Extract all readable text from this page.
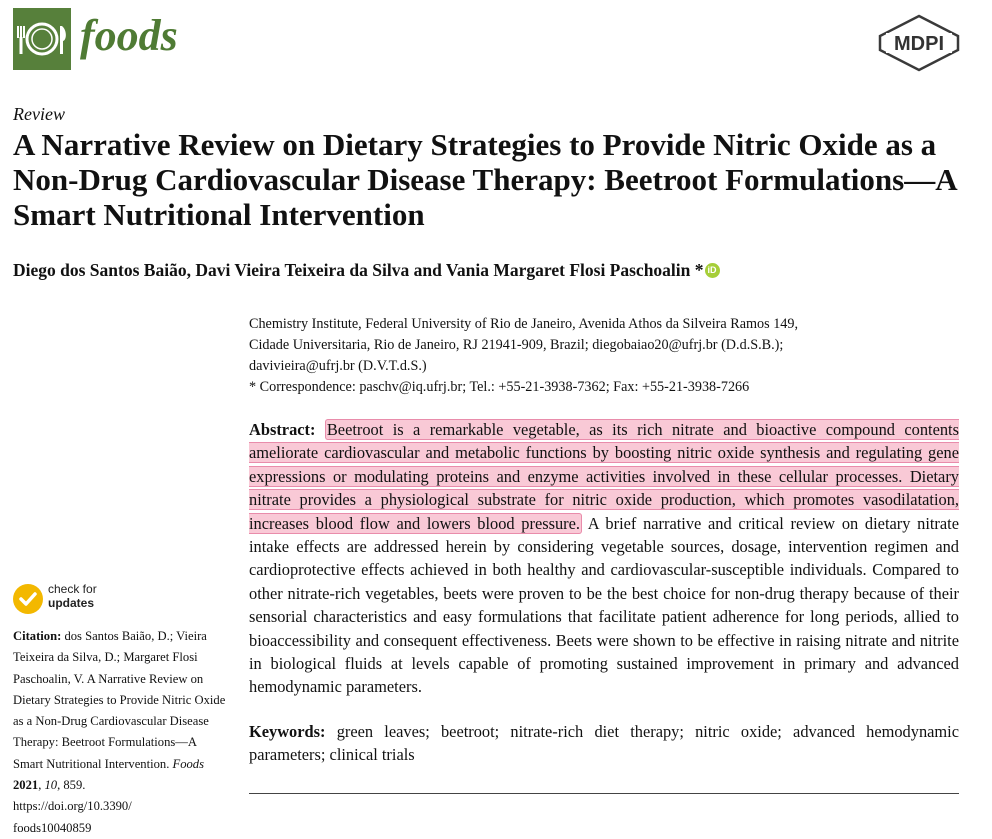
foods	MDPI
Review
A Narrative Review on Dietary Strategies to Provide Nitric Oxide as a Non-Drug Cardiovascular Disease Therapy: Beetroot Formulations—A Smart Nutritional Intervention
Diego dos Santos Baião, Davi Vieira Teixeira da Silva and Vania Margaret Flosi Paschoalin * iD
Chemistry Institute, Federal University of Rio de Janeiro, Avenida Athos da Silveira Ramos 149,
Cidade Universitaria, Rio de Janeiro, RJ 21941-909, Brazil; diegobaiao20@ufrj.br (D.d.S.B.);
davivieira@ufrj.br (D.V.T.d.S.)
* Correspondence: paschv@iq.ufrj.br; Tel.: +55-21-3938-7362; Fax: +55-21-3938-7266
Abstract: Beetroot is a remarkable vegetable, as its rich nitrate and bioactive compound contents ameliorate cardiovascular and metabolic functions by boosting nitric oxide synthesis and regulating gene expressions or modulating proteins and enzyme activities involved in these cellular processes. Dietary nitrate provides a physiological substrate for nitric oxide production, which promotes vasodilatation, increases blood flow and lowers blood pressure. A brief narrative and critical review on dietary nitrate intake effects are addressed herein by considering vegetable sources, dosage, intervention regimen and cardioprotective effects achieved in both healthy and cardiovascular-susceptible individuals. Compared to other nitrate-rich vegetables, beets were proven to be the best choice for non-drug therapy because of their sensorial characteristics and easy formulations that facilitate patient adherence for long periods, allied to bioaccessibility and consequent effectiveness. Beets were shown to be effective in raising nitrate and nitrite in biological fluids at levels capable of promoting sustained improvement in primary and advanced hemodynamic parameters.
Keywords: green leaves; beetroot; nitrate-rich diet therapy; nitric oxide; advanced hemodynamic parameters; clinical trials
check for
updates
Citation: dos Santos Baião, D.; Vieira Teixeira da Silva, D.; Margaret Flosi Paschoalin, V. A Narrative Review on Dietary Strategies to Provide Nitric Oxide as a Non-Drug Cardiovascular Disease Therapy: Beetroot Formulations—A Smart Nutritional Intervention. Foods 2021, 10, 859.
https://doi.org/10.3390/
foods10040859
